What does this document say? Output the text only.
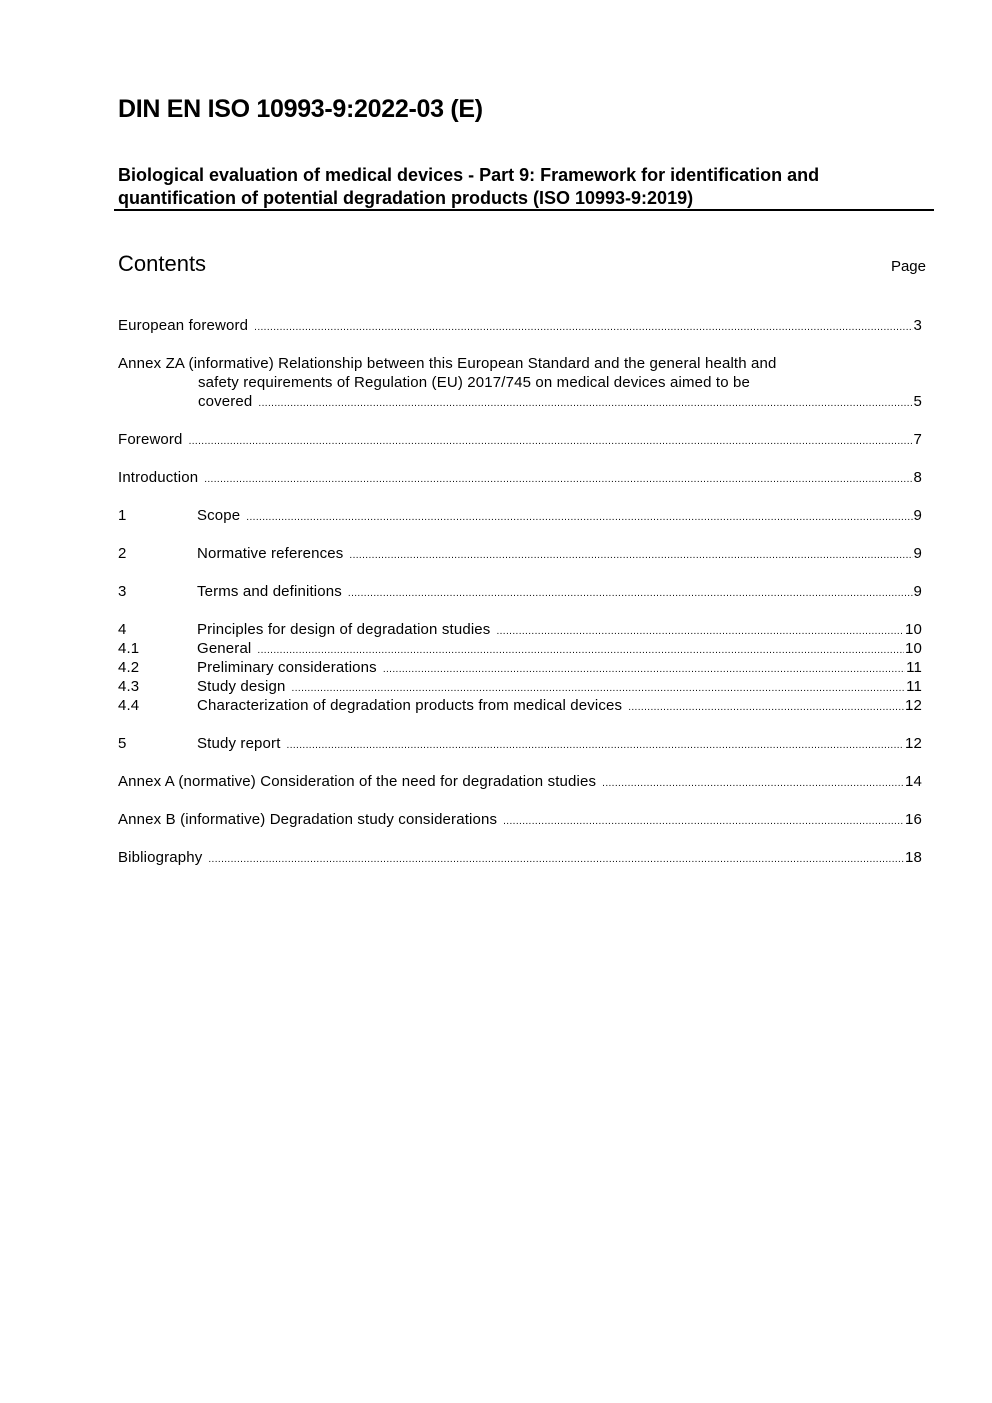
DIN EN ISO 10993-9:2022-03 (E)
Biological evaluation of medical devices - Part 9: Framework for identification and
quantification of potential degradation products (ISO 10993-9:2019)
Contents	Page
European foreword .....	3
Annex ZA (informative) Relationship between this European Standard and the general health and
safety requirements of Regulation (EU) 2017/745 on medical devices aimed to be
covered .....	5
Foreword .....	7
Introduction .....	8
1	Scope .....	9
2	Normative references .....	9
3	Terms and definitions .....	9
4	Principles for design of degradation studies .....	10
4.1	General .....	10
4.2	Preliminary considerations .....	11
4.3	Study design .....	11
4.4	Characterization of degradation products from medical devices .....	12
5	Study report .....	12
Annex A (normative) Consideration of the need for degradation studies .....	14
Annex B (informative) Degradation study considerations .....	16
Bibliography .....	18
